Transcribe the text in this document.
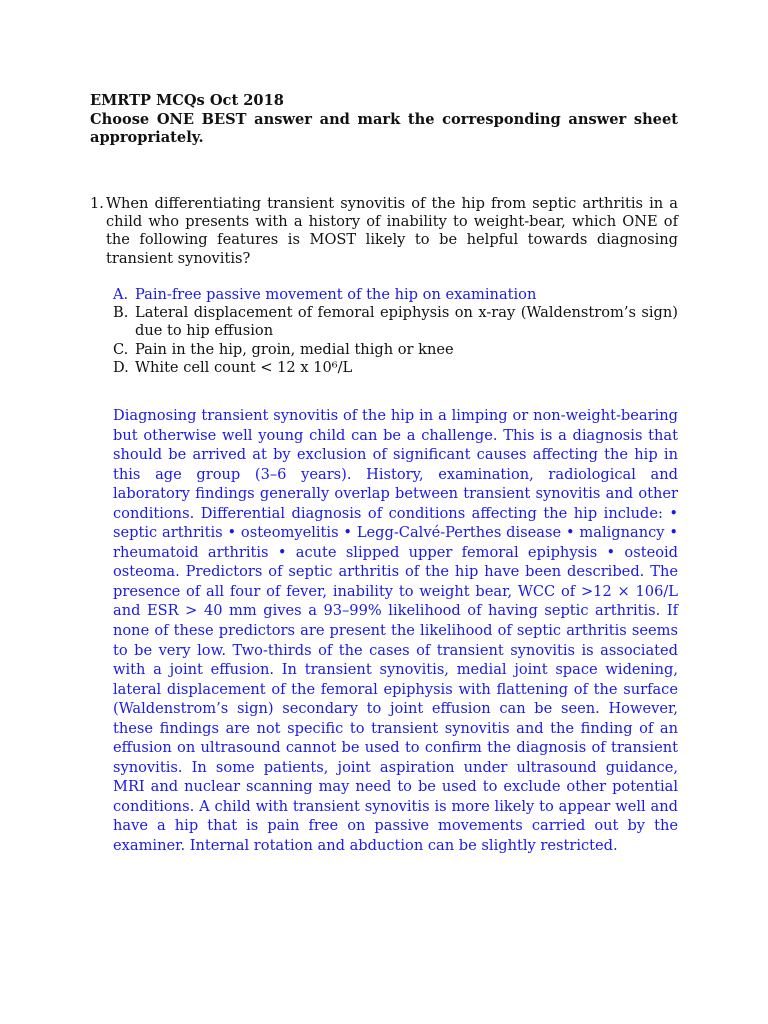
EMRTP MCQs Oct 2018
Choose ONE BEST answer and mark the corresponding answer sheet appropriately.
1. When differentiating transient synovitis of the hip from septic arthritis in a child who presents with a history of inability to weight-bear, which ONE of the following features is MOST likely to be helpful towards diagnosing transient synovitis?
A. Pain-free passive movement of the hip on examination
B. Lateral displacement of femoral epiphysis on x-ray (Waldenstrom’s sign) due to hip effusion
C. Pain in the hip, groin, medial thigh or knee
D. White cell count < 12 x 10⁶/L
Diagnosing transient synovitis of the hip in a limping or non-weight-bearing but otherwise well young child can be a challenge. This is a diagnosis that should be arrived at by exclusion of significant causes affecting the hip in this age group (3–6 years). History, examination, radiological and laboratory findings generally overlap between transient synovitis and other conditions. Differential diagnosis of conditions affecting the hip include: • septic arthritis • osteomyelitis • Legg-Calvé-Perthes disease • malignancy • rheumatoid arthritis • acute slipped upper femoral epiphysis • osteoid osteoma. Predictors of septic arthritis of the hip have been described. The presence of all four of fever, inability to weight bear, WCC of >12 × 106/L and ESR > 40 mm gives a 93–99% likelihood of having septic arthritis. If none of these predictors are present the likelihood of septic arthritis seems to be very low. Two-thirds of the cases of transient synovitis is associated with a joint effusion. In transient synovitis, medial joint space widening, lateral displacement of the femoral epiphysis with flattening of the surface (Waldenstrom’s sign) secondary to joint effusion can be seen. However, these findings are not specific to transient synovitis and the finding of an effusion on ultrasound cannot be used to confirm the diagnosis of transient synovitis. In some patients, joint aspiration under ultrasound guidance, MRI and nuclear scanning may need to be used to exclude other potential conditions. A child with transient synovitis is more likely to appear well and have a hip that is pain free on passive movements carried out by the examiner. Internal rotation and abduction can be slightly restricted.
